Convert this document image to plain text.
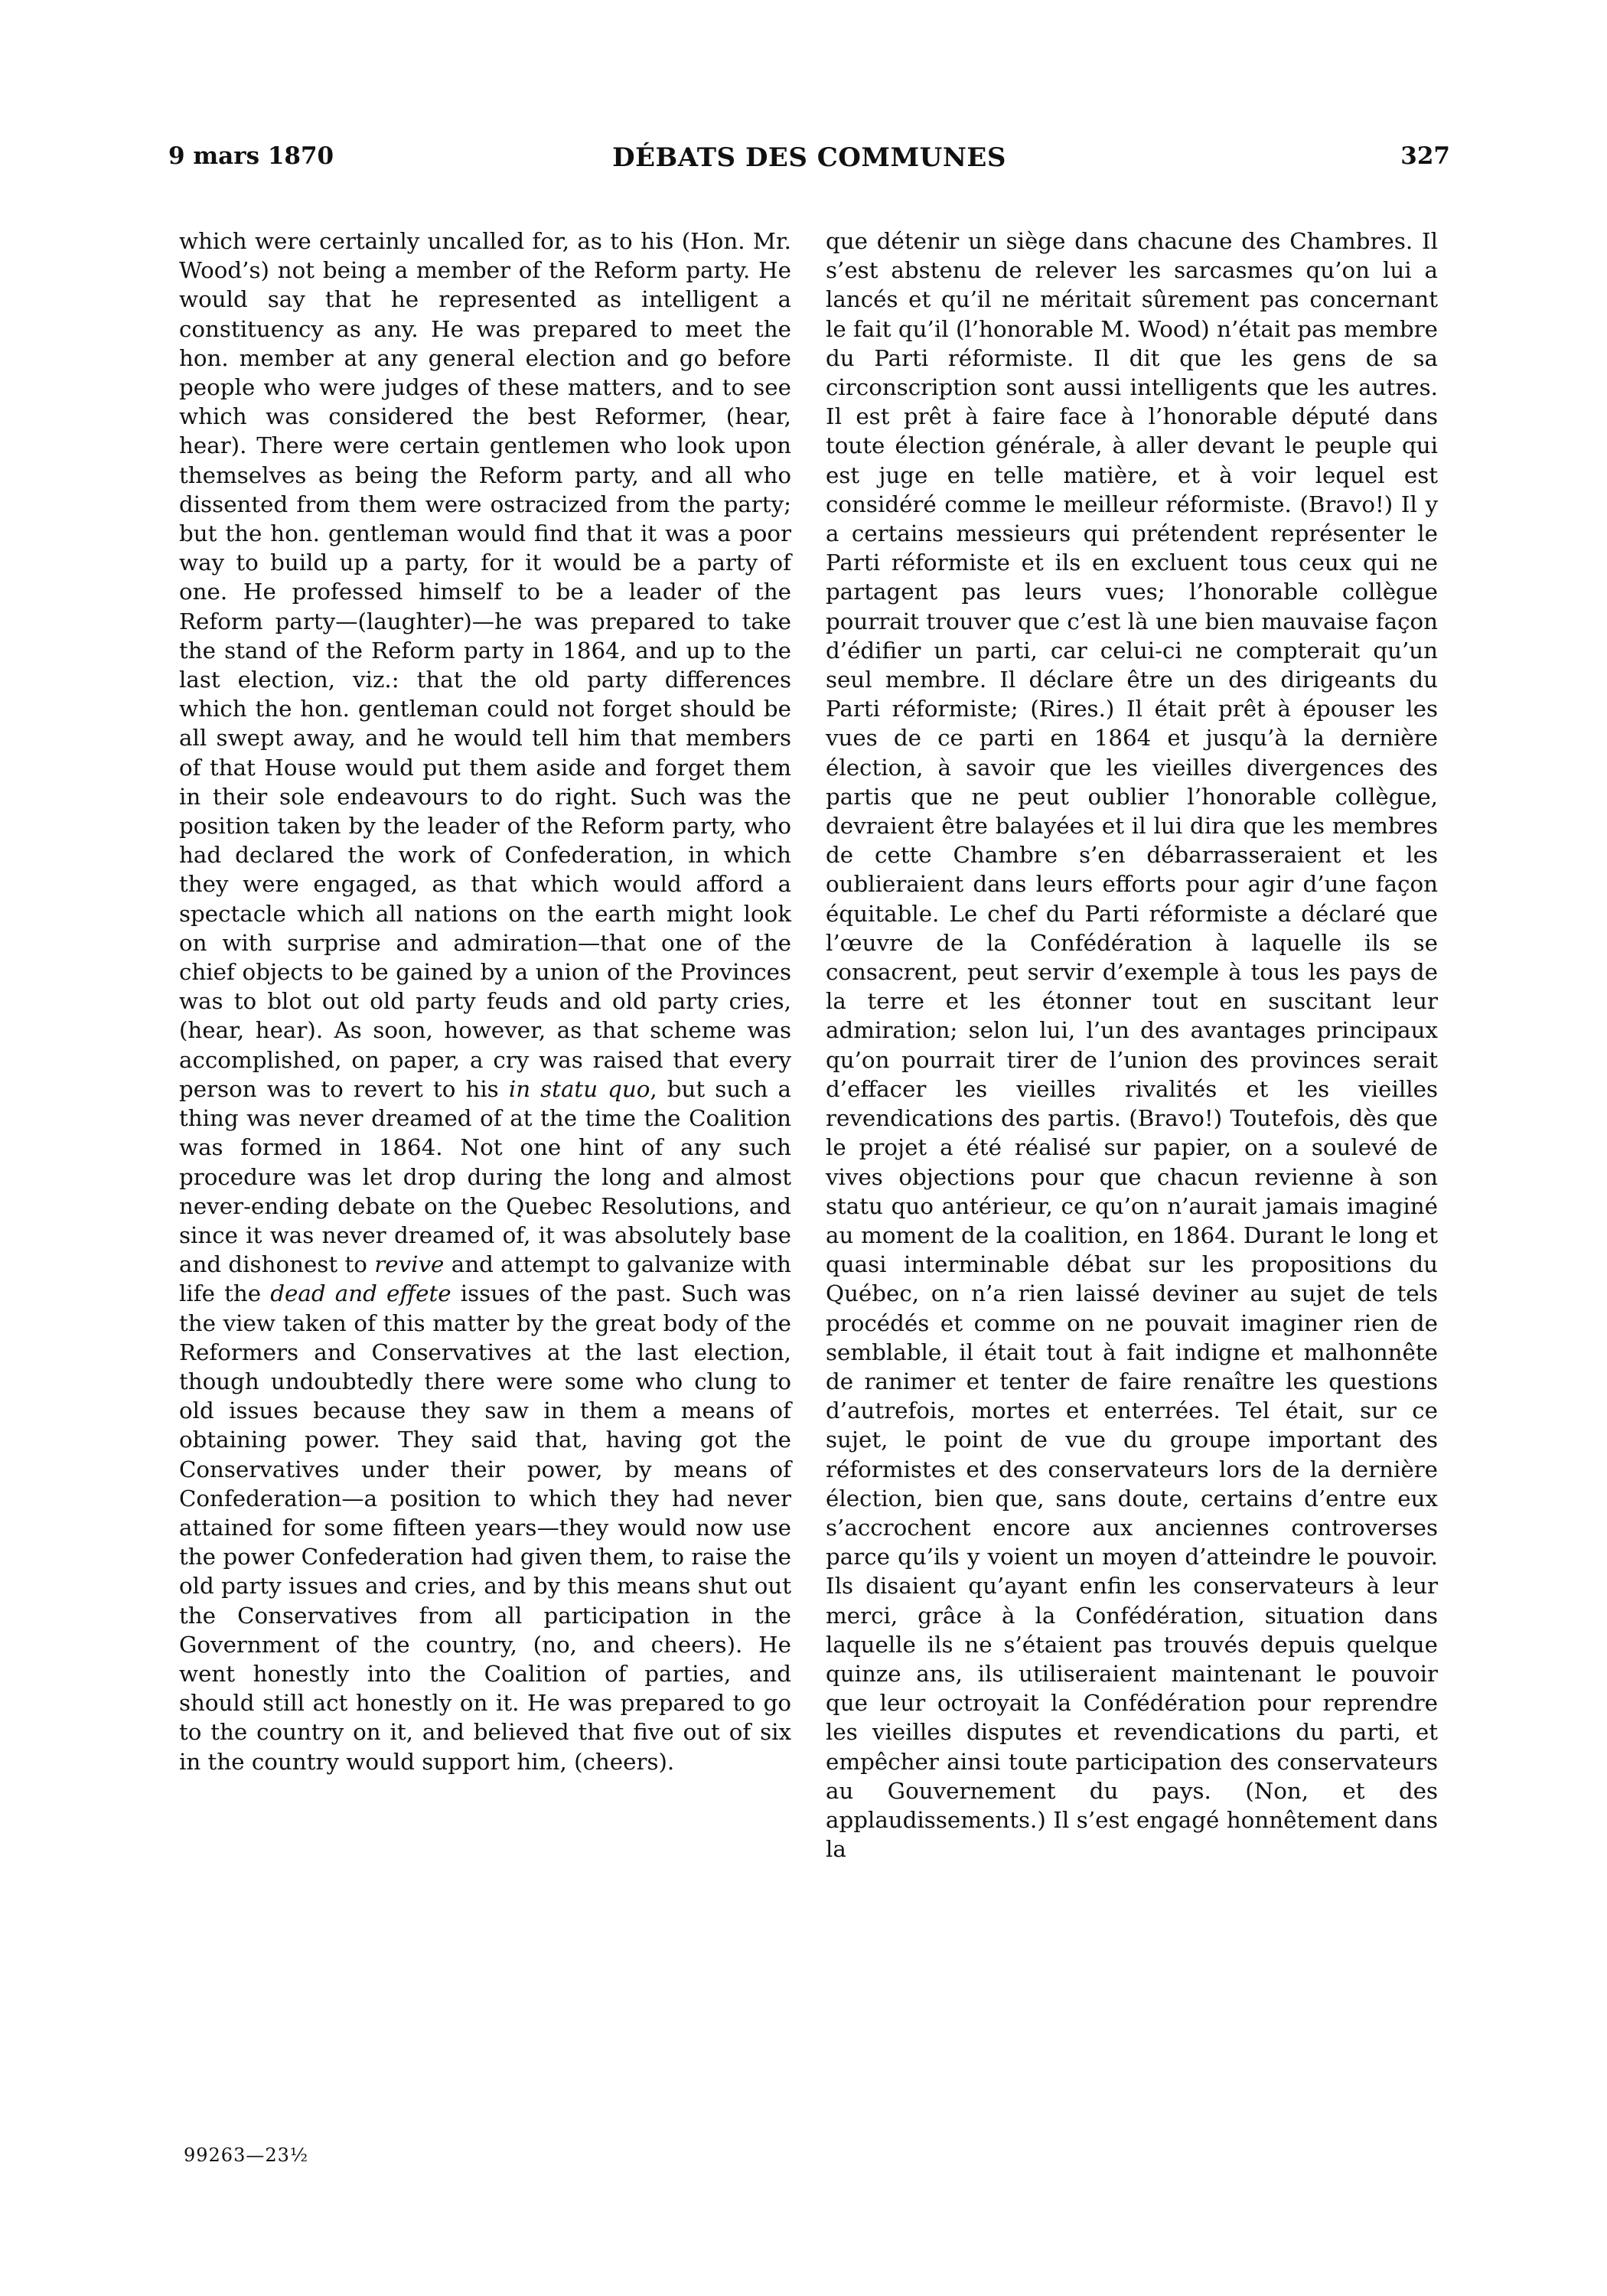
9 mars 1870	DÉBATS DES COMMUNES	327

which were certainly uncalled for, as to his (Hon. Mr. Wood’s) not being a member of the Reform party. He would say that he represented as intelligent a constituency as any. He was prepared to meet the hon. member at any general election and go before people who were judges of these matters, and to see which was considered the best Reformer, (hear, hear). There were certain gentlemen who look upon themselves as being the Reform party, and all who dissented from them were ostracized from the party; but the hon. gentleman would find that it was a poor way to build up a party, for it would be a party of one. He professed himself to be a leader of the Reform party—(laughter)—he was prepared to take the stand of the Reform party in 1864, and up to the last election, viz.: that the old party differences which the hon. gentleman could not forget should be all swept away, and he would tell him that members of that House would put them aside and forget them in their sole endeavours to do right. Such was the position taken by the leader of the Reform party, who had declared the work of Confederation, in which they were engaged, as that which would afford a spectacle which all nations on the earth might look on with surprise and admiration—that one of the chief objects to be gained by a union of the Provinces was to blot out old party feuds and old party cries, (hear, hear). As soon, however, as that scheme was accomplished, on paper, a cry was raised that every person was to revert to his in statu quo, but such a thing was never dreamed of at the time the Coalition was formed in 1864. Not one hint of any such procedure was let drop during the long and almost never-ending debate on the Quebec Resolutions, and since it was never dreamed of, it was absolutely base and dishonest to revive and attempt to galvanize with life the dead and effete issues of the past. Such was the view taken of this matter by the great body of the Reformers and Conservatives at the last election, though undoubtedly there were some who clung to old issues because they saw in them a means of obtaining power. They said that, having got the Conservatives under their power, by means of Confederation—a position to which they had never attained for some fifteen years—they would now use the power Confederation had given them, to raise the old party issues and cries, and by this means shut out the Conservatives from all participation in the Government of the country, (no, and cheers). He went honestly into the Coalition of parties, and should still act honestly on it. He was prepared to go to the country on it, and believed that five out of six in the country would support him, (cheers).

que détenir un siège dans chacune des Chambres. Il s’est abstenu de relever les sarcasmes qu’on lui a lancés et qu’il ne méritait sûrement pas concernant le fait qu’il (l’honorable M. Wood) n’était pas membre du Parti réformiste. Il dit que les gens de sa circonscription sont aussi intelligents que les autres. Il est prêt à faire face à l’honorable député dans toute élection générale, à aller devant le peuple qui est juge en telle matière, et à voir lequel est considéré comme le meilleur réformiste. (Bravo!) Il y a certains messieurs qui prétendent représenter le Parti réformiste et ils en excluent tous ceux qui ne partagent pas leurs vues; l’honorable collègue pourrait trouver que c’est là une bien mauvaise façon d’édifier un parti, car celui-ci ne compterait qu’un seul membre. Il déclare être un des dirigeants du Parti réformiste; (Rires.) Il était prêt à épouser les vues de ce parti en 1864 et jusqu’à la dernière élection, à savoir que les vieilles divergences des partis que ne peut oublier l’honorable collègue, devraient être balayées et il lui dira que les membres de cette Chambre s’en débarrasseraient et les oublieraient dans leurs efforts pour agir d’une façon équitable. Le chef du Parti réformiste a déclaré que l’œuvre de la Confédération à laquelle ils se consacrent, peut servir d’exemple à tous les pays de la terre et les étonner tout en suscitant leur admiration; selon lui, l’un des avantages principaux qu’on pourrait tirer de l’union des provinces serait d’effacer les vieilles rivalités et les vieilles revendications des partis. (Bravo!) Toutefois, dès que le projet a été réalisé sur papier, on a soulevé de vives objections pour que chacun revienne à son statu quo antérieur, ce qu’on n’aurait jamais imaginé au moment de la coalition, en 1864. Durant le long et quasi interminable débat sur les propositions du Québec, on n’a rien laissé deviner au sujet de tels procédés et comme on ne pouvait imaginer rien de semblable, il était tout à fait indigne et malhonnête de ranimer et tenter de faire renaître les questions d’autrefois, mortes et enterrées. Tel était, sur ce sujet, le point de vue du groupe important des réformistes et des conservateurs lors de la dernière élection, bien que, sans doute, certains d’entre eux s’accrochent encore aux anciennes controverses parce qu’ils y voient un moyen d’atteindre le pouvoir. Ils disaient qu’ayant enfin les conservateurs à leur merci, grâce à la Confédération, situation dans laquelle ils ne s’étaient pas trouvés depuis quelque quinze ans, ils utiliseraient maintenant le pouvoir que leur octroyait la Confédération pour reprendre les vieilles disputes et revendications du parti, et empêcher ainsi toute participation des conservateurs au Gouvernement du pays. (Non, et des applaudissements.) Il s’est engagé honnêtement dans la

99263—23½
